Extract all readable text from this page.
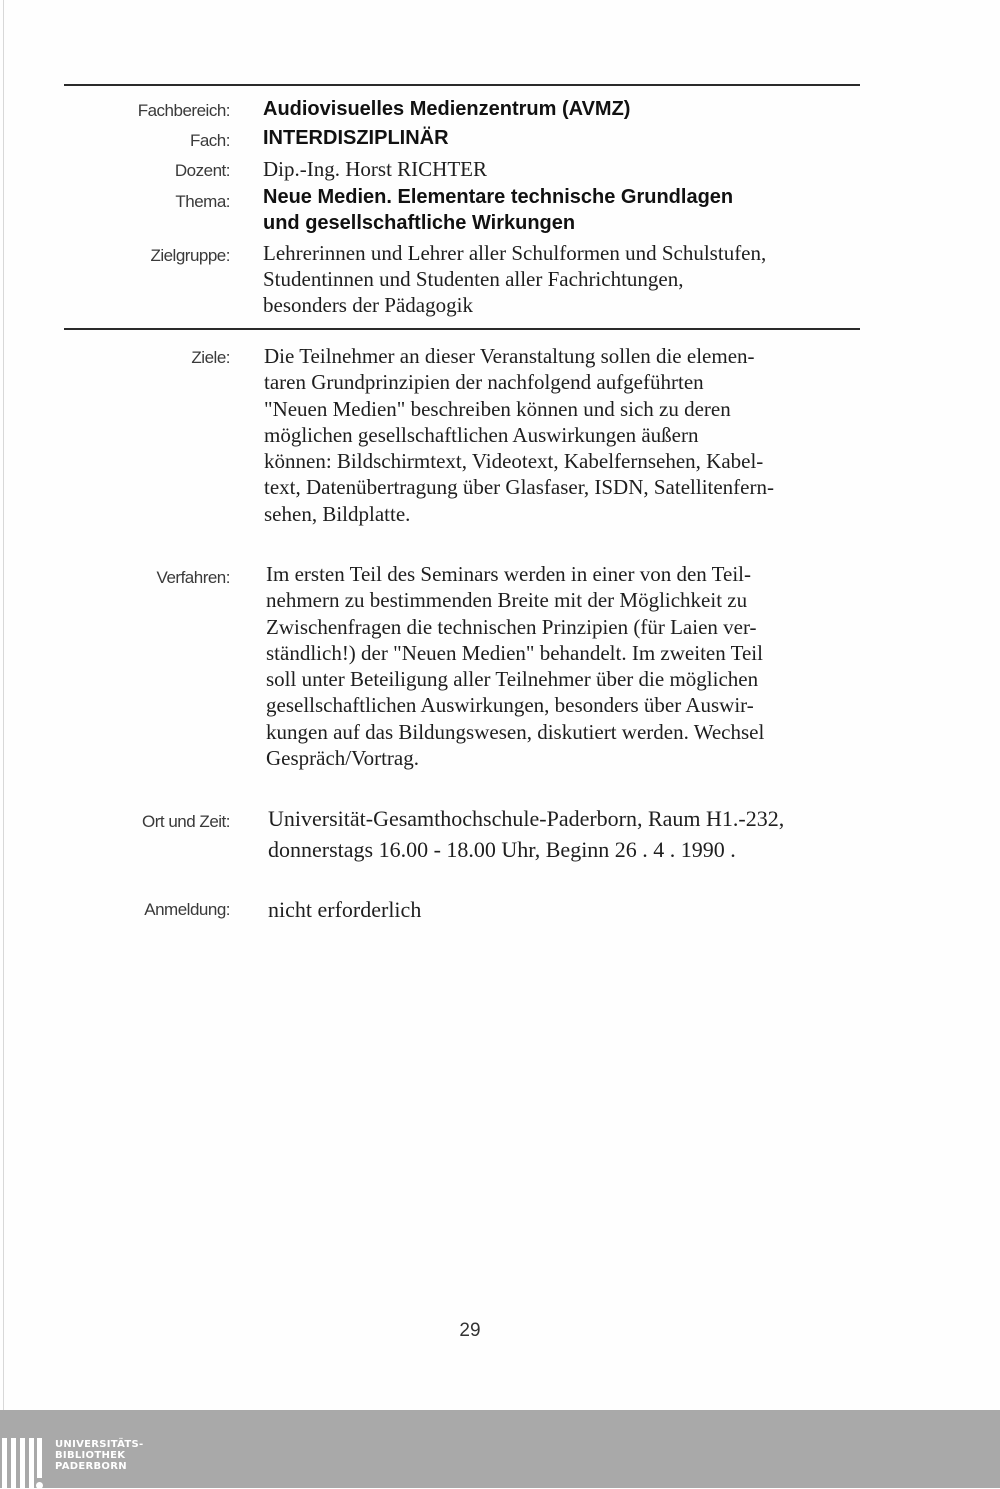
Fachbereich: Audiovisuelles Medienzentrum (AVMZ)
Fach: INTERDISZIPLINÄR
Dozent: Dip.-Ing. Horst RICHTER
Thema: Neue Medien. Elementare technische Grundlagen
und gesellschaftliche Wirkungen
Zielgruppe: Lehrerinnen und Lehrer aller Schulformen und Schulstufen,
Studentinnen und Studenten aller Fachrichtungen,
besonders der Pädagogik
Ziele: Die Teilnehmer an dieser Veranstaltung sollen die elemen-
taren Grundprinzipien der nachfolgend aufgeführten
"Neuen Medien" beschreiben können und sich zu deren
möglichen gesellschaftlichen Auswirkungen äußern
können: Bildschirmtext, Videotext, Kabelfernsehen, Kabel-
text, Datenübertragung über Glasfaser, ISDN, Satellitenfern-
sehen, Bildplatte.
Verfahren: Im ersten Teil des Seminars werden in einer von den Teil-
nehmern zu bestimmenden Breite mit der Möglichkeit zu
Zwischenfragen die technischen Prinzipien (für Laien ver-
ständlich!) der "Neuen Medien" behandelt. Im zweiten Teil
soll unter Beteiligung aller Teilnehmer über die möglichen
gesellschaftlichen Auswirkungen, besonders über Auswir-
kungen auf das Bildungswesen, diskutiert werden. Wechsel
Gespräch/Vortrag.
Ort und Zeit: Universität-Gesamthochschule-Paderborn, Raum H1.-232,
donnerstags 16.00 - 18.00 Uhr, Beginn 26 . 4 . 1990 .
Anmeldung: nicht erforderlich
29
UNIVERSITÄTS-
BIBLIOTHEK
PADERBORN
